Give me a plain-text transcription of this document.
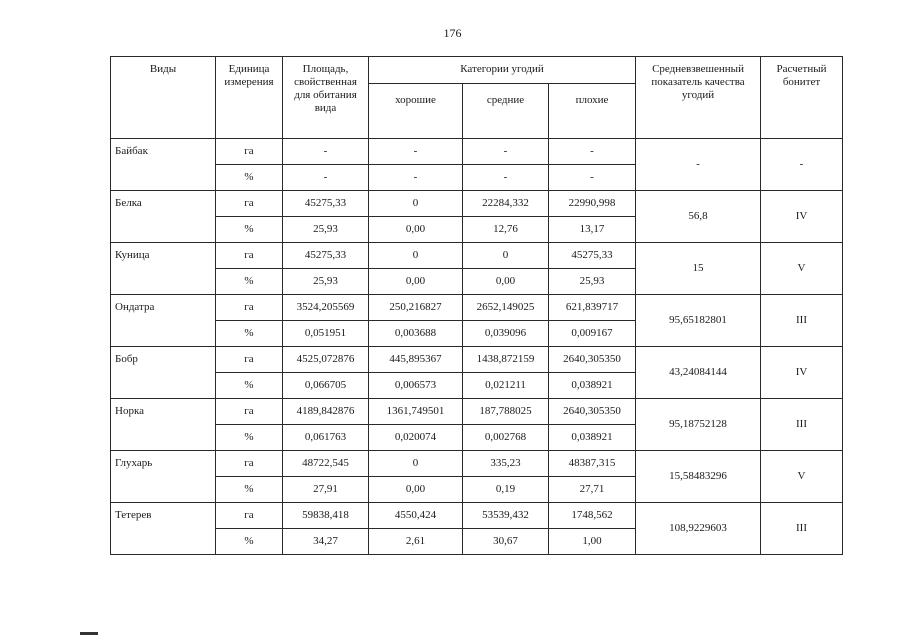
176
Виды	Единица измерения	Площадь, свойственная для обитания вида	Категории угодий			Средневзвешенный показатель качества угодий	Расчетный бонитет
			хорошие	средние	плохие		
Байбак	га	-	-	-	-	-	-
	%	-	-	-	-		
Белка	га	45275,33	0	22284,332	22990,998	56,8	IV
	%	25,93	0,00	12,76	13,17		
Куница	га	45275,33	0	0	45275,33	15	V
	%	25,93	0,00	0,00	25,93		
Ондатра	га	3524,205569	250,216827	2652,149025	621,839717	95,65182801	III
	%	0,051951	0,003688	0,039096	0,009167		
Бобр	га	4525,072876	445,895367	1438,872159	2640,305350	43,24084144	IV
	%	0,066705	0,006573	0,021211	0,038921		
Норка	га	4189,842876	1361,749501	187,788025	2640,305350	95,18752128	III
	%	0,061763	0,020074	0,002768	0,038921		
Глухарь	га	48722,545	0	335,23	48387,315	15,58483296	V
	%	27,91	0,00	0,19	27,71		
Тетерев	га	59838,418	4550,424	53539,432	1748,562	108,9229603	III
	%	34,27	2,61	30,67	1,00		
